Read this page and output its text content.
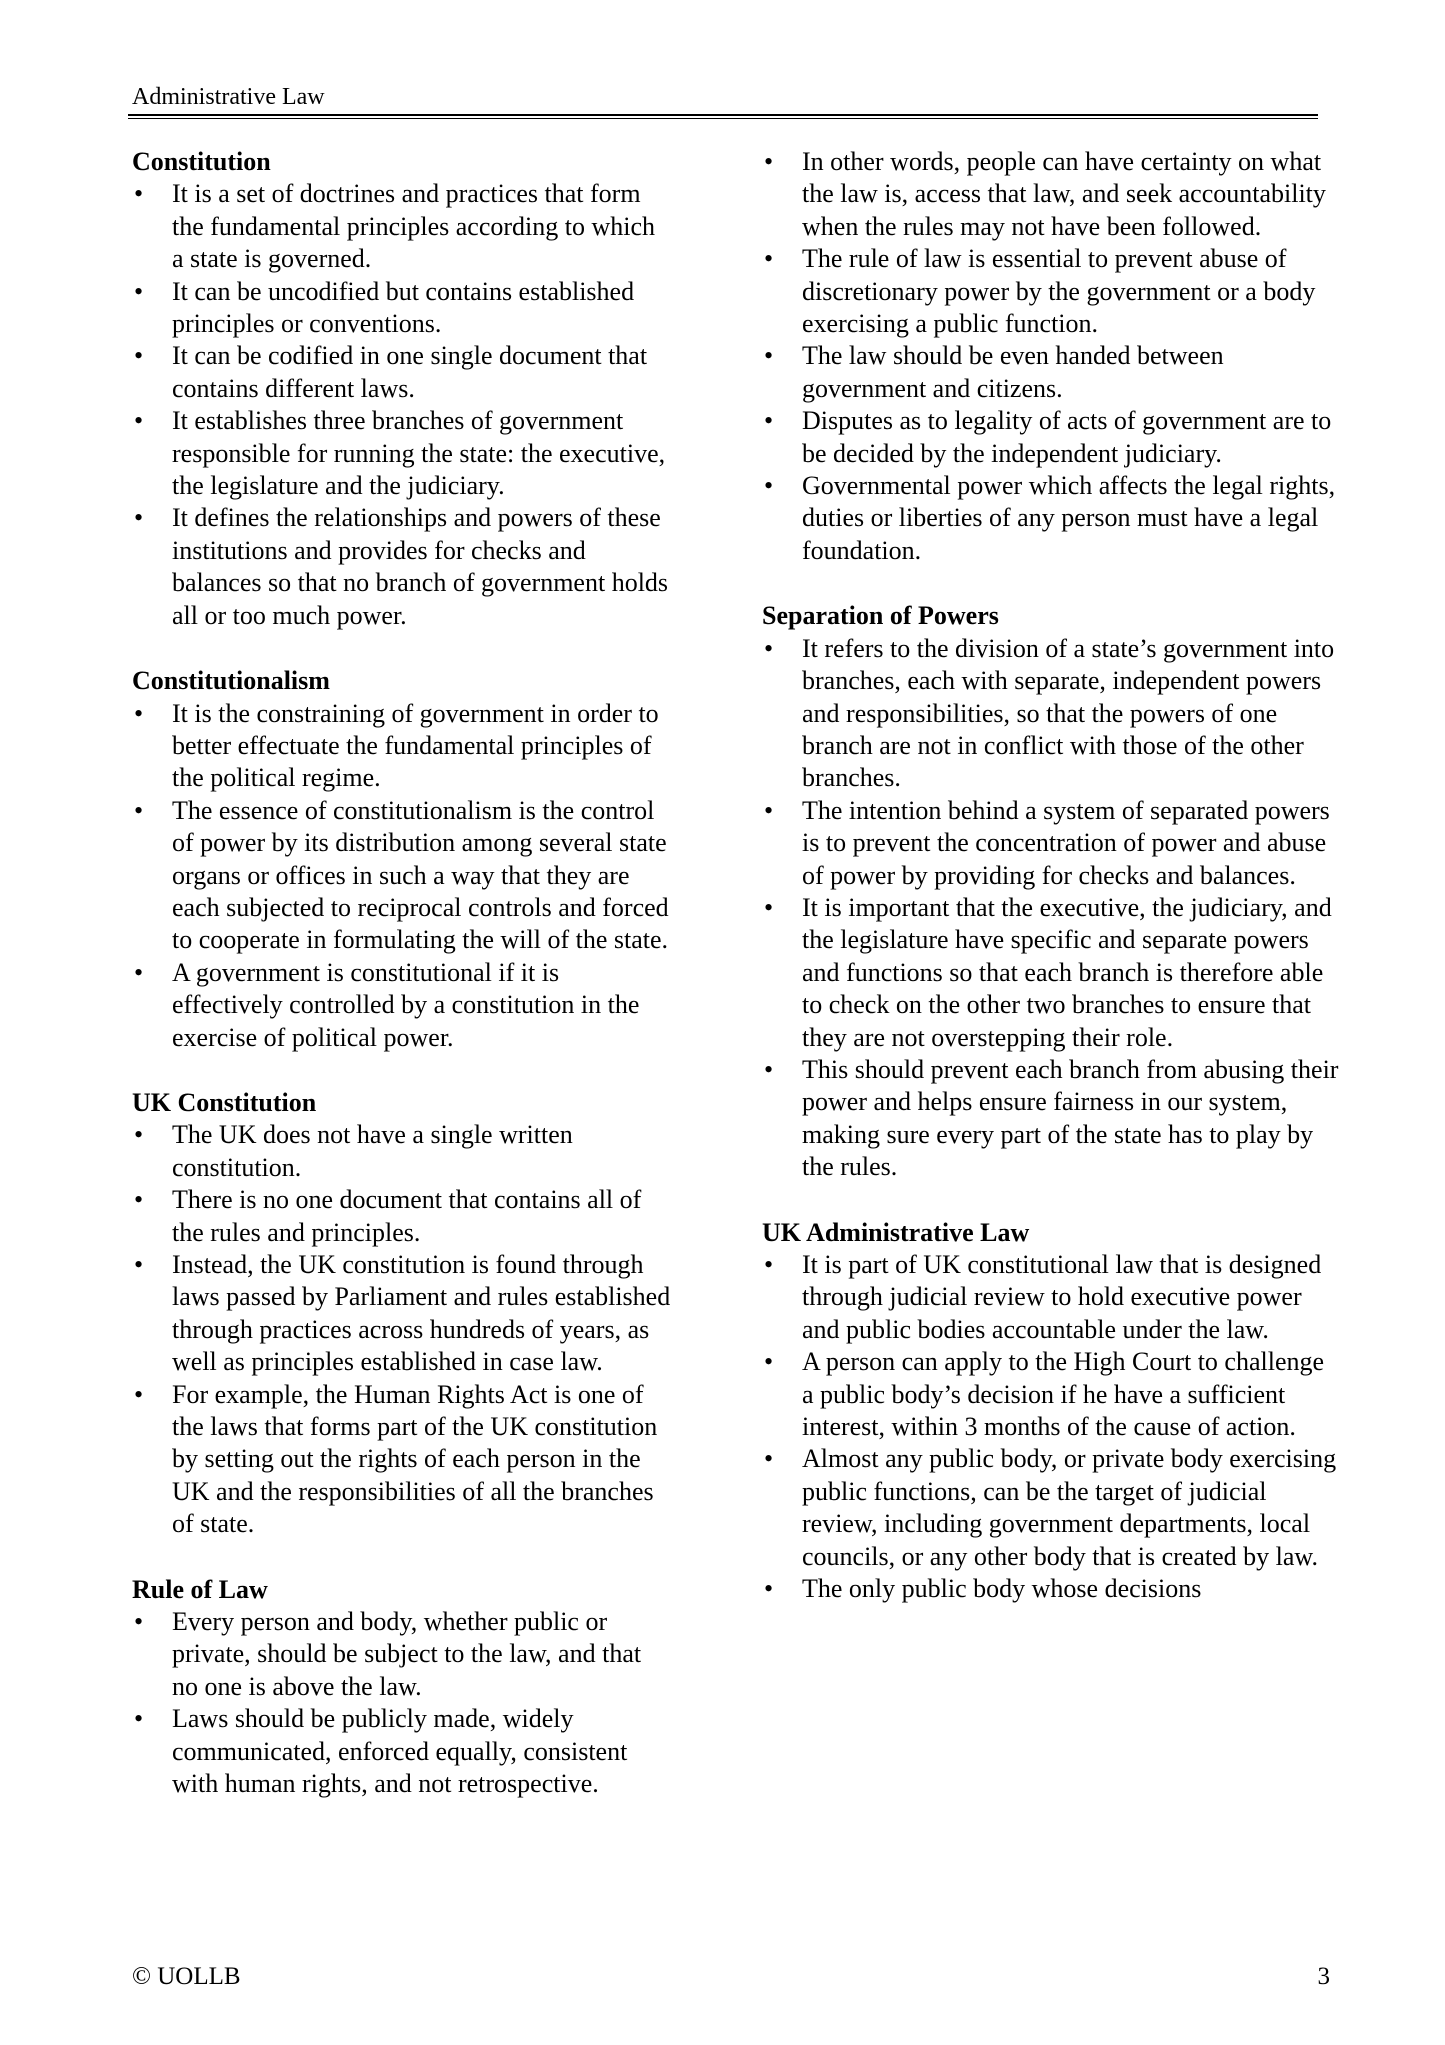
Administrative Law
Constitution
• It is a set of doctrines and practices that form the fundamental principles according to which a state is governed.
• It can be uncodified but contains established principles or conventions.
• It can be codified in one single document that contains different laws.
• It establishes three branches of government responsible for running the state: the executive, the legislature and the judiciary.
• It defines the relationships and powers of these institutions and provides for checks and balances so that no branch of government holds all or too much power.
Constitutionalism
• It is the constraining of government in order to better effectuate the fundamental principles of the political regime.
• The essence of constitutionalism is the control of power by its distribution among several state organs or offices in such a way that they are each subjected to reciprocal controls and forced to cooperate in formulating the will of the state.
• A government is constitutional if it is effectively controlled by a constitution in the exercise of political power.
UK Constitution
• The UK does not have a single written constitution.
• There is no one document that contains all of the rules and principles.
• Instead, the UK constitution is found through laws passed by Parliament and rules established through practices across hundreds of years, as well as principles established in case law.
• For example, the Human Rights Act is one of the laws that forms part of the UK constitution by setting out the rights of each person in the UK and the responsibilities of all the branches of state.
Rule of Law
• Every person and body, whether public or private, should be subject to the law, and that no one is above the law.
• Laws should be publicly made, widely communicated, enforced equally, consistent with human rights, and not retrospective.
• In other words, people can have certainty on what the law is, access that law, and seek accountability when the rules may not have been followed.
• The rule of law is essential to prevent abuse of discretionary power by the government or a body exercising a public function.
• The law should be even handed between government and citizens.
• Disputes as to legality of acts of government are to be decided by the independent judiciary.
• Governmental power which affects the legal rights, duties or liberties of any person must have a legal foundation.
Separation of Powers
• It refers to the division of a state’s government into branches, each with separate, independent powers and responsibilities, so that the powers of one branch are not in conflict with those of the other branches.
• The intention behind a system of separated powers is to prevent the concentration of power and abuse of power by providing for checks and balances.
• It is important that the executive, the judiciary, and the legislature have specific and separate powers and functions so that each branch is therefore able to check on the other two branches to ensure that they are not overstepping their role.
• This should prevent each branch from abusing their power and helps ensure fairness in our system, making sure every part of the state has to play by the rules.
UK Administrative Law
• It is part of UK constitutional law that is designed through judicial review to hold executive power and public bodies accountable under the law.
• A person can apply to the High Court to challenge a public body’s decision if he have a sufficient interest, within 3 months of the cause of action.
• Almost any public body, or private body exercising public functions, can be the target of judicial review, including government departments, local councils, or any other body that is created by law.
• The only public body whose decisions
© UOLLB	3
